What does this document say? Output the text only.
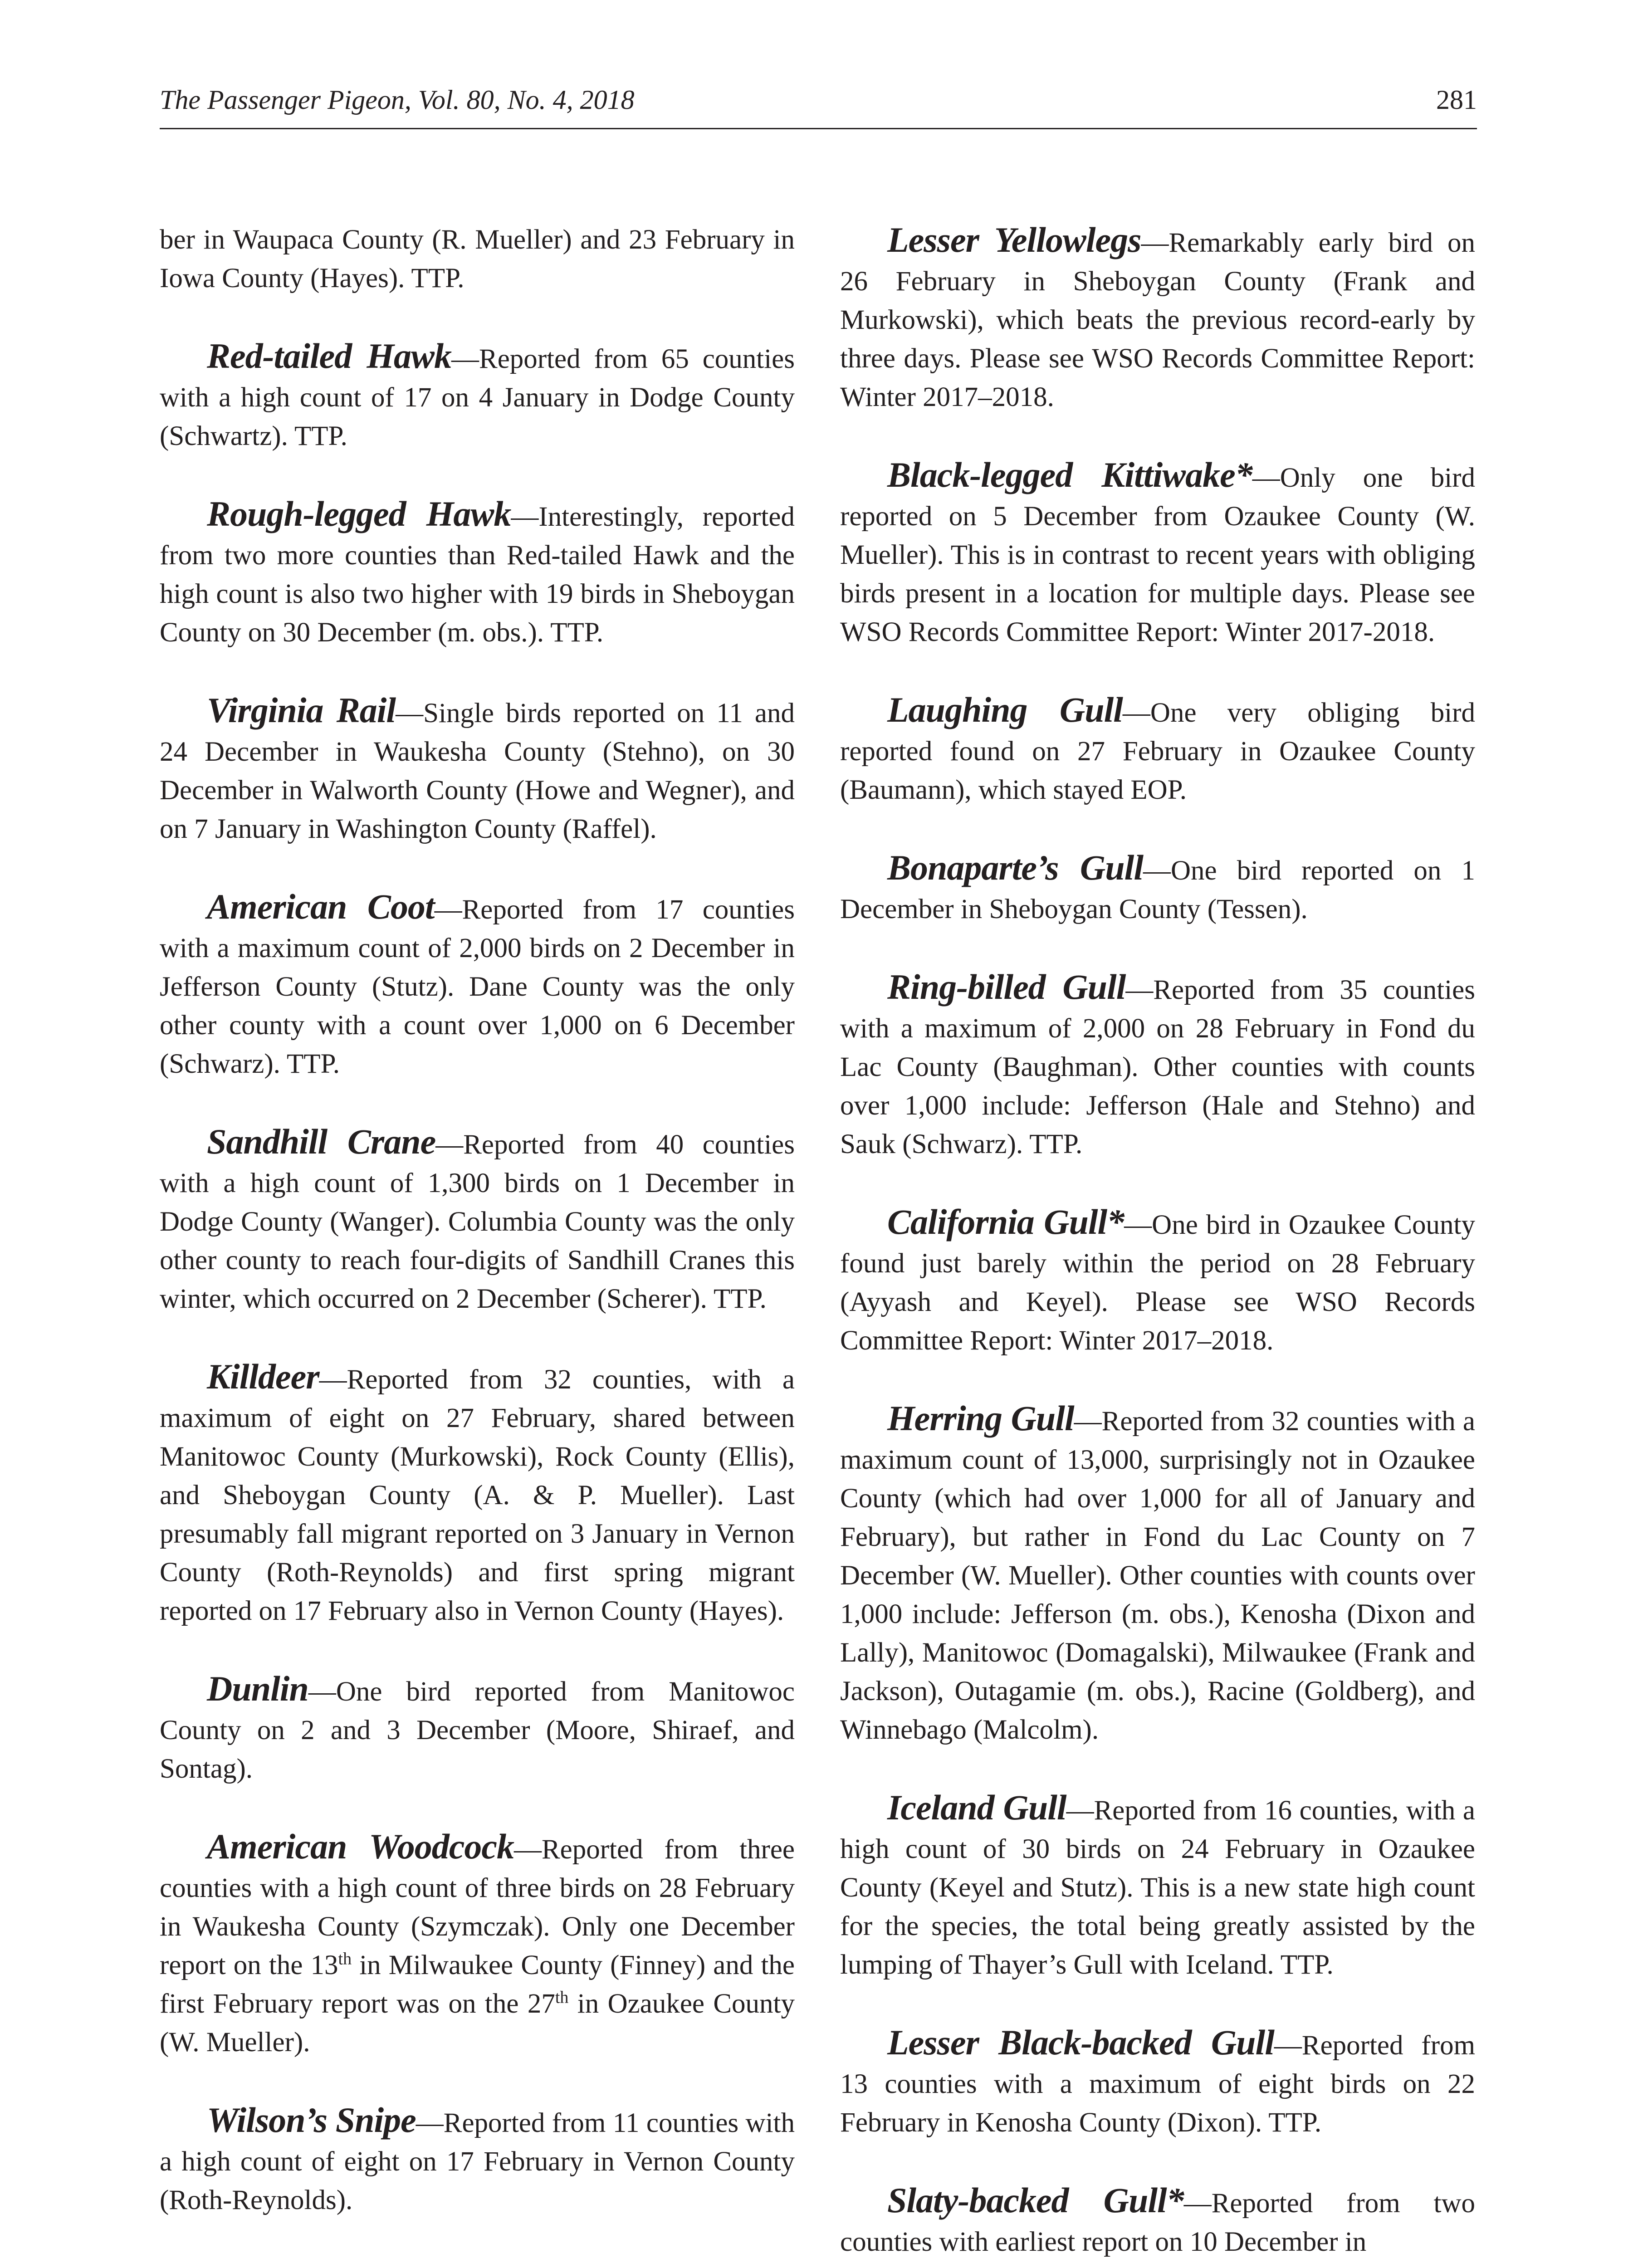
The Passenger Pigeon, Vol. 80, No. 4, 2018	281

ber in Waupaca County (R. Mueller) and 23 February in Iowa County (Hayes). TTP.

Red-tailed Hawk—Reported from 65 counties with a high count of 17 on 4 January in Dodge County (Schwartz). TTP.

Rough-legged Hawk—Interestingly, reported from two more counties than Red-tailed Hawk and the high count is also two higher with 19 birds in Sheboygan County on 30 December (m. obs.). TTP.

Virginia Rail—Single birds reported on 11 and 24 December in Waukesha County (Stehno), on 30 December in Walworth County (Howe and Wegner), and on 7 January in Washington County (Raffel).

American Coot—Reported from 17 counties with a maximum count of 2,000 birds on 2 December in Jefferson County (Stutz). Dane County was the only other county with a count over 1,000 on 6 December (Schwarz). TTP.

Sandhill Crane—Reported from 40 counties with a high count of 1,300 birds on 1 December in Dodge County (Wanger). Columbia County was the only other county to reach four-digits of Sandhill Cranes this winter, which occurred on 2 December (Scherer). TTP.

Killdeer—Reported from 32 counties, with a maximum of eight on 27 February, shared between Manitowoc County (Murkowski), Rock County (Ellis), and Sheboygan County (A. & P. Mueller). Last presumably fall migrant reported on 3 January in Vernon County (Roth-Reynolds) and first spring migrant reported on 17 February also in Vernon County (Hayes).

Dunlin—One bird reported from Manitowoc County on 2 and 3 December (Moore, Shiraef, and Sontag).

American Woodcock—Reported from three counties with a high count of three birds on 28 February in Waukesha County (Szymczak). Only one December report on the 13th in Milwaukee County (Finney) and the first February report was on the 27th in Ozaukee County (W. Mueller).

Wilson’s Snipe—Reported from 11 counties with a high count of eight on 17 February in Vernon County (Roth-Reynolds).

Lesser Yellowlegs—Remarkably early bird on 26 February in Sheboygan County (Frank and Murkowski), which beats the previous record-early by three days. Please see WSO Records Committee Report: Winter 2017–2018.

Black-legged Kittiwake*—Only one bird reported on 5 December from Ozaukee County (W. Mueller). This is in contrast to recent years with obliging birds present in a location for multiple days. Please see WSO Records Committee Report: Winter 2017-2018.

Laughing Gull—One very obliging bird reported found on 27 February in Ozaukee County (Baumann), which stayed EOP.

Bonaparte’s Gull—One bird reported on 1 December in Sheboygan County (Tessen).

Ring-billed Gull—Reported from 35 counties with a maximum of 2,000 on 28 February in Fond du Lac County (Baughman). Other counties with counts over 1,000 include: Jefferson (Hale and Stehno) and Sauk (Schwarz). TTP.

California Gull*—One bird in Ozaukee County found just barely within the period on 28 February (Ayyash and Keyel). Please see WSO Records Committee Report: Winter 2017–2018.

Herring Gull—Reported from 32 counties with a maximum count of 13,000, surprisingly not in Ozaukee County (which had over 1,000 for all of January and February), but rather in Fond du Lac County on 7 December (W. Mueller). Other counties with counts over 1,000 include: Jefferson (m. obs.), Kenosha (Dixon and Lally), Manitowoc (Domagalski), Milwaukee (Frank and Jackson), Outagamie (m. obs.), Racine (Goldberg), and Winnebago (Malcolm).

Iceland Gull—Reported from 16 counties, with a high count of 30 birds on 24 February in Ozaukee County (Keyel and Stutz). This is a new state high count for the species, the total being greatly assisted by the lumping of Thayer’s Gull with Iceland. TTP.

Lesser Black-backed Gull—Reported from 13 counties with a maximum of eight birds on 22 February in Kenosha County (Dixon). TTP.

Slaty-backed Gull*—Reported from two counties with earliest report on 10 December in
